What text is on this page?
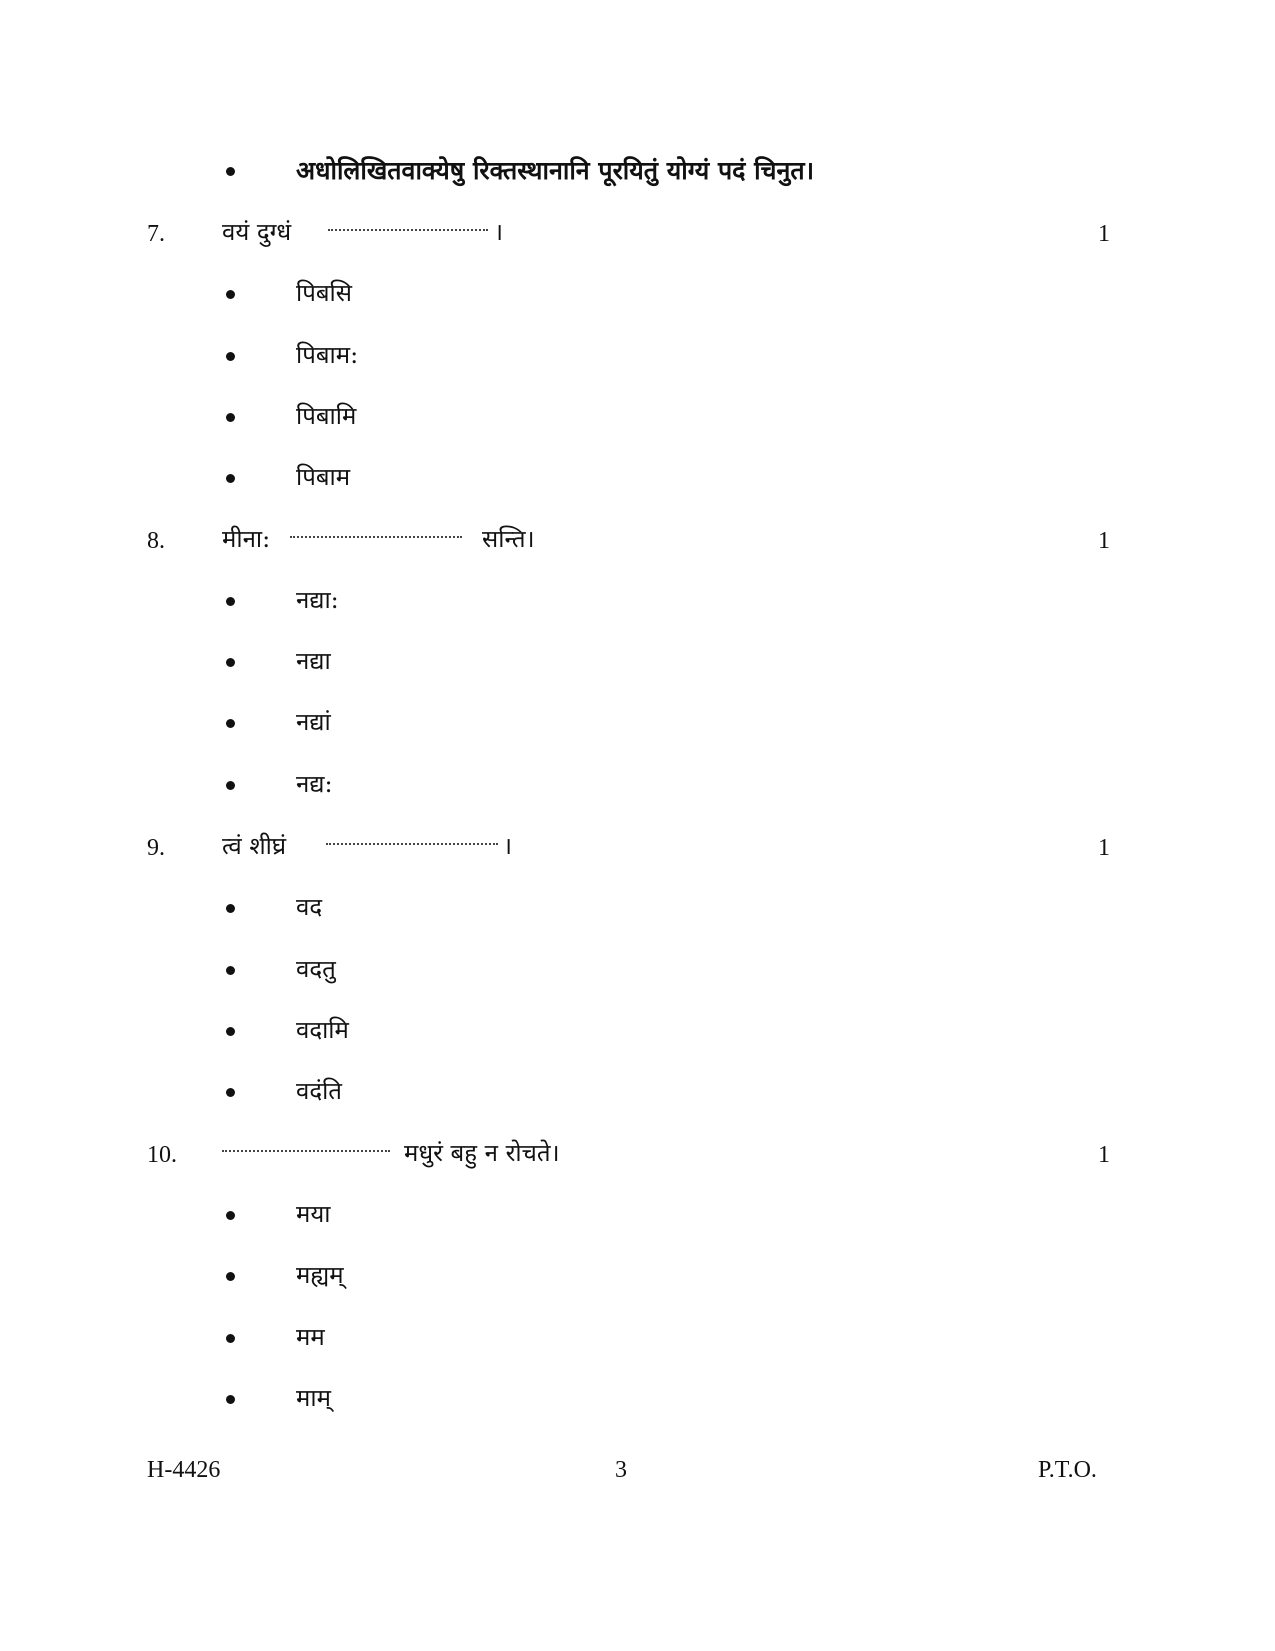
अधोलिखितवाक्येषु रिक्तस्थानानि पूरयितुं योग्यं पदं चिनुत।
7. वयं दुग्धं	।	1
पिबसि
पिबाम:
पिबामि
पिबाम
8. मीना:	सन्ति।	1
नद्या:
नद्या
नद्यां
नद्य:
9. त्वं शीघ्रं	।	1
वद
वदतु
वदामि
वदंति
10.	मधुरं बहु न रोचते।	1
मया
मह्यम्
मम
माम्
H-4426	3	P.T.O.
